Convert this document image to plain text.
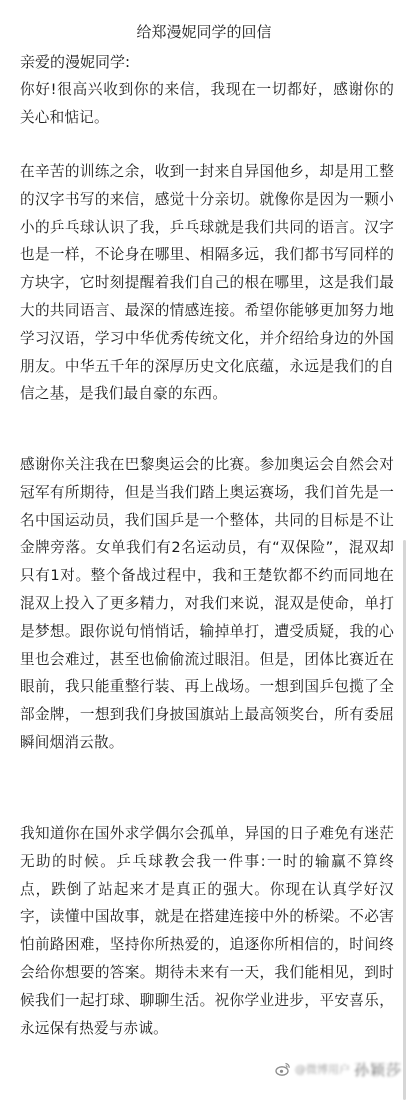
给郑漫妮同学的回信

亲爱的漫妮同学:

你好!很高兴收到你的来信，我现在一切都好，感谢你的关心和惦记。

在辛苦的训练之余，收到一封来自异国他乡，却是用工整的汉字书写的来信，感觉十分亲切。就像你是因为一颗小小的乒乓球认识了我，乒乓球就是我们共同的语言。汉字也是一样，不论身在哪里、相隔多远，我们都书写同样的方块字，它时刻提醒着我们自己的根在哪里，这是我们最大的共同语言、最深的情感连接。希望你能够更加努力地学习汉语，学习中华优秀传统文化，并介绍给身边的外国朋友。中华五千年的深厚历史文化底蕴，永远是我们的自信之基，是我们最自豪的东西。

感谢你关注我在巴黎奥运会的比赛。参加奥运会自然会对冠军有所期待，但是当我们踏上奥运赛场，我们首先是一名中国运动员，我们国乒是一个整体，共同的目标是不让金牌旁落。女单我们有2名运动员，有“双保险”，混双却只有1对。整个备战过程中，我和王楚钦都不约而同地在混双上投入了更多精力，对我们来说，混双是使命，单打是梦想。跟你说句悄悄话，输掉单打，遭受质疑，我的心里也会难过，甚至也偷偷流过眼泪。但是，团体比赛近在眼前，我只能重整行装、再上战场。一想到国乒包揽了全部金牌，一想到我们身披国旗站上最高领奖台，所有委屈瞬间烟消云散。

我知道你在国外求学偶尔会孤单，异国的日子难免有迷茫无助的时候。乒乓球教会我一件事:一时的输赢不算终点，跌倒了站起来才是真正的强大。你现在认真学好汉字，读懂中国故事，就是在搭建连接中外的桥梁。不必害怕前路困难，坚持你所热爱的，追逐你所相信的，时间终会给你想要的答案。期待未来有一天，我们能相见，到时候我们一起打球、聊聊生活。祝你学业进步，平安喜乐，永远保有热爱与赤诚。

@微博用户 孙颖莎
